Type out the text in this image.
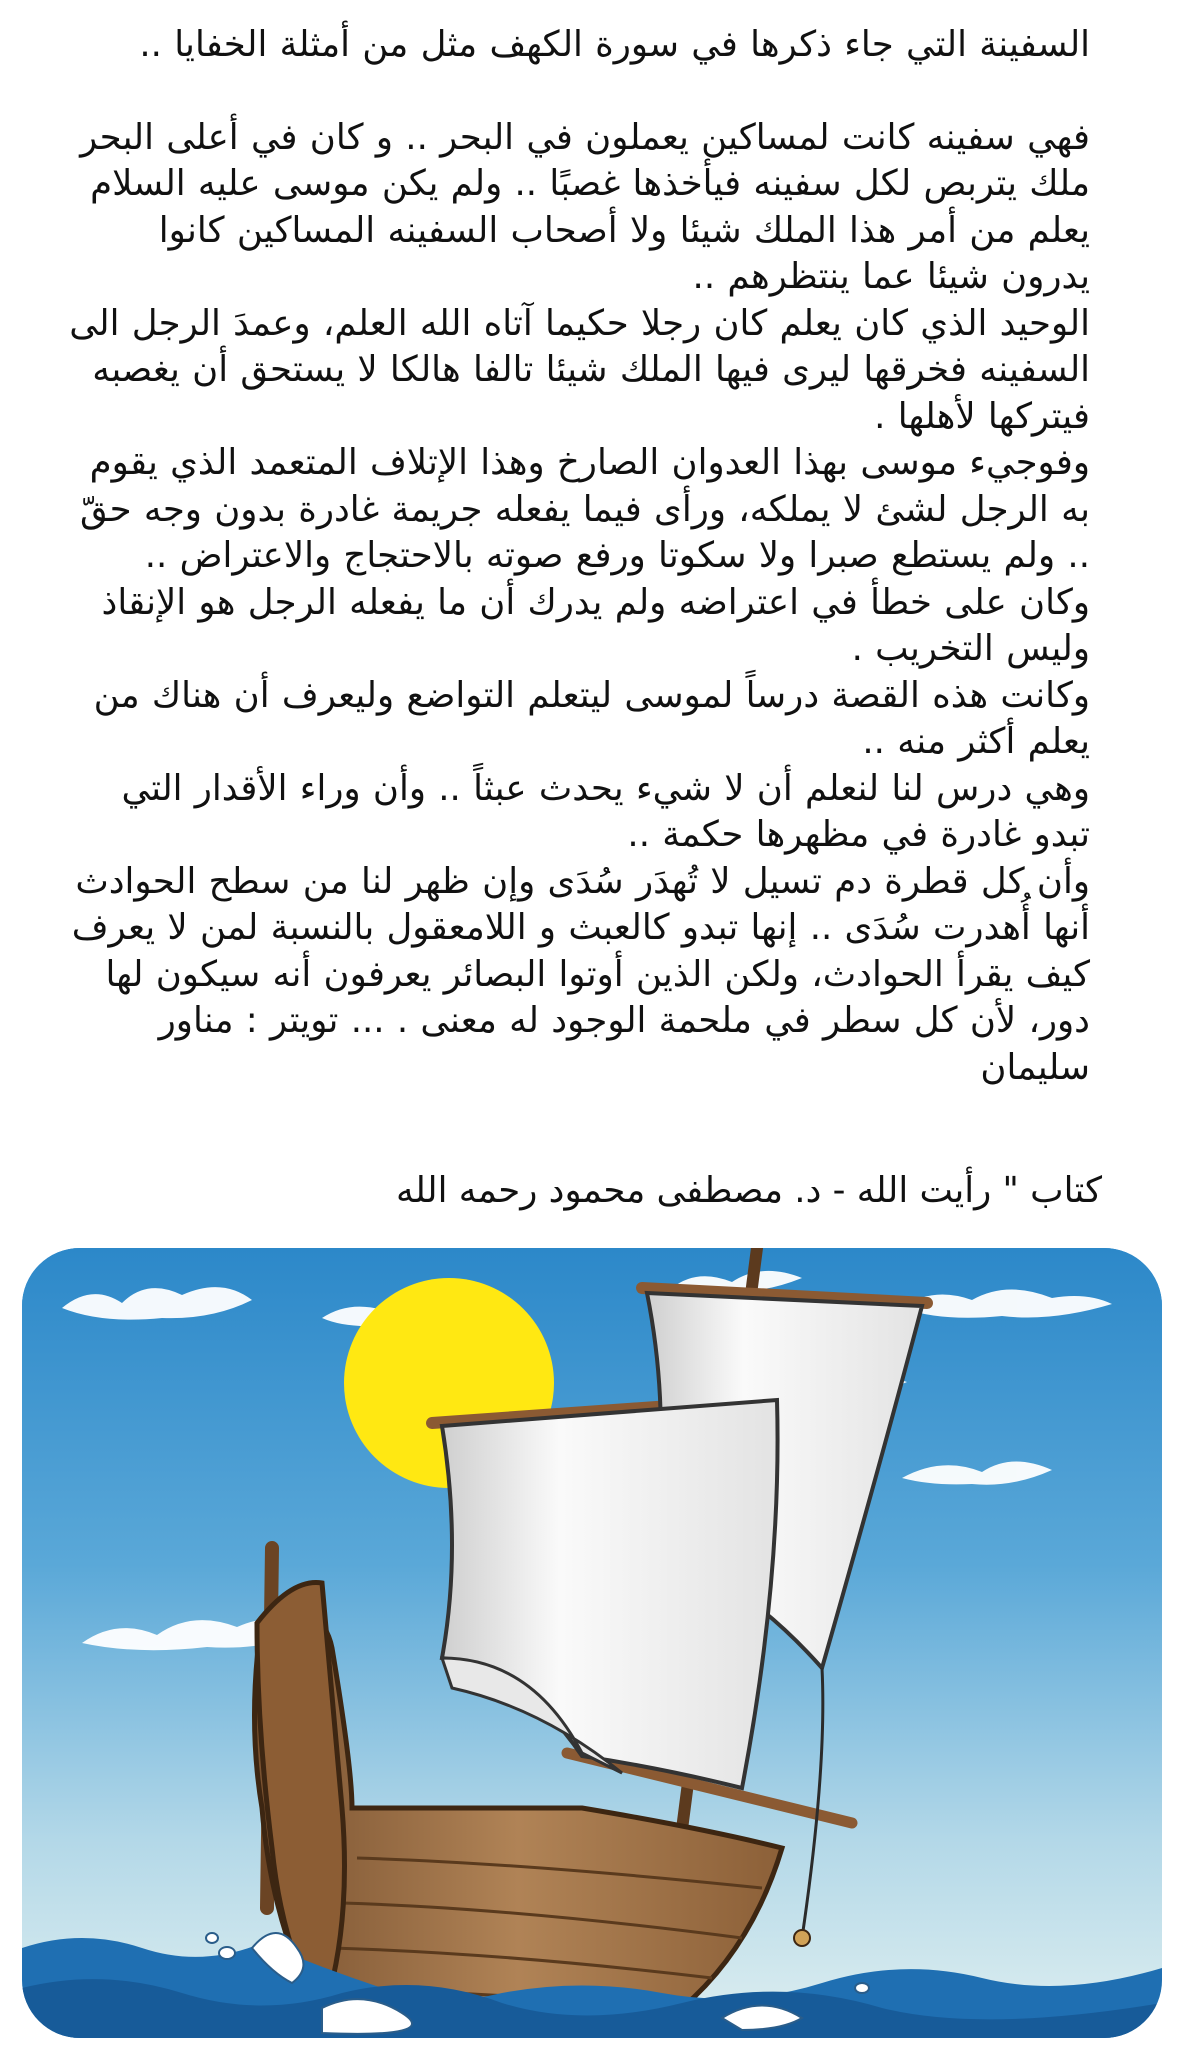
السفينة التي جاء ذكرها في سورة الكهف مثل من أمثلة الخفايا ..

فهي سفينه كانت لمساكين يعملون في البحر .. و كان في أعلى البحر ملك يتربص لكل سفينه فيأخذها غصبًا .. ولم يكن موسى عليه السلام يعلم من أمر هذا الملك شيئا ولا أصحاب السفينه المساكين كانوا يدرون شيئا عما ينتظرهم ..

الوحيد الذي كان يعلم كان رجلا حكيما آتاه الله العلم، وعمدَ الرجل الى السفينه فخرقها ليرى فيها الملك شيئا تالفا هالكا لا يستحق أن يغصبه فيتركها لأهلها .

وفوجيء موسى بهذا العدوان الصارخ وهذا الإتلاف المتعمد الذي يقوم به الرجل لشئ لا يملكه، ورأى فيما يفعله جريمة غادرة بدون وجه حقّ .. ولم يستطع صبرا ولا سكوتا ورفع صوته بالاحتجاج والاعتراض .. وكان على خطأ في اعتراضه ولم يدرك أن ما يفعله الرجل هو الإنقاذ وليس التخريب .

وكانت هذه القصة درساً لموسى ليتعلم التواضع وليعرف أن هناك من يعلم أكثر منه ..

وهي درس لنا لنعلم أن لا شيء يحدث عبثاً .. وأن وراء الأقدار التي تبدو غادرة في مظهرها حكمة ..

وأن كل قطرة دم تسيل لا تُهدَر سُدَى وإن ظهر لنا من سطح الحوادث أنها أُهدرت سُدَى .. إنها تبدو كالعبث و اللامعقول بالنسبة لمن لا يعرف كيف يقرأ الحوادث، ولكن الذين أوتوا البصائر يعرفون أنه سيكون لها دور، لأن كل سطر في ملحمة الوجود له معنى . ... تويتر : مناور سليمان

كتاب " رأيت الله - د. مصطفى محمود رحمه الله
